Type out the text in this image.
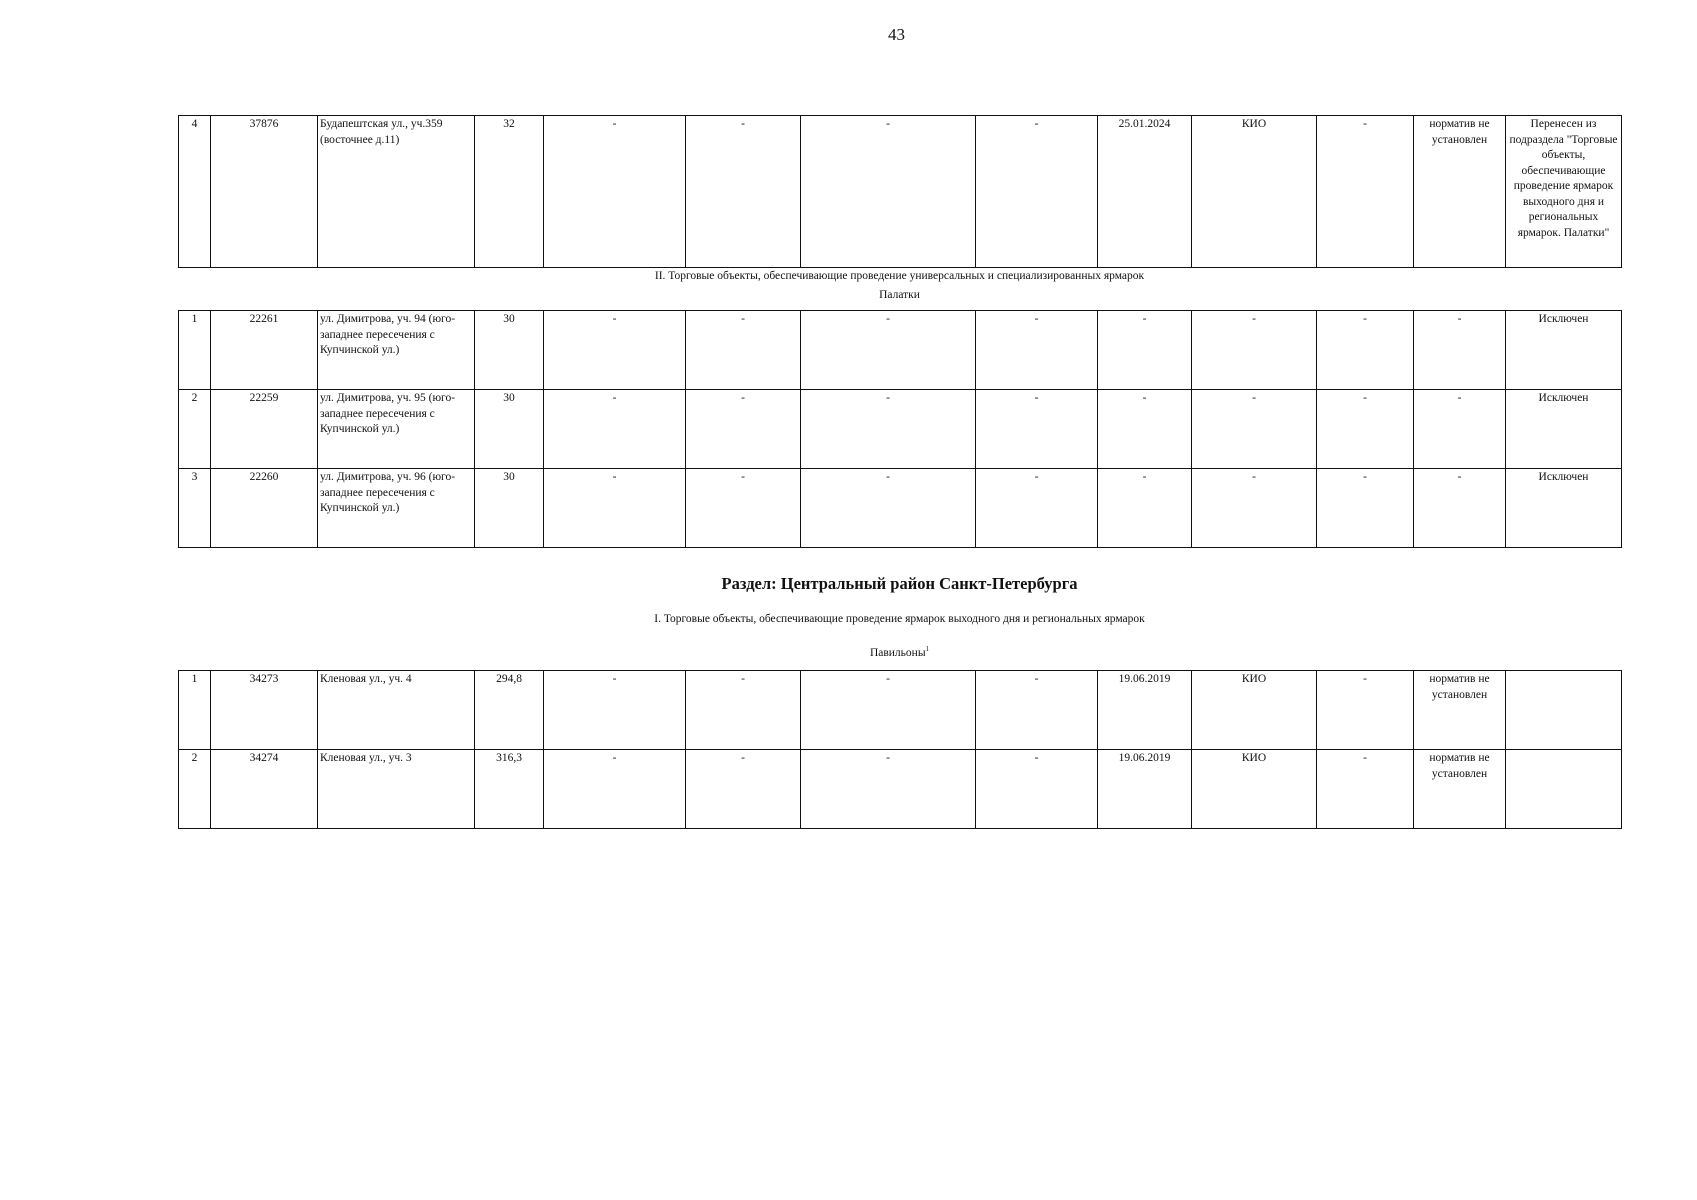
43
4	37876	Будапештская ул., уч.359 (восточнее д.11)	32	-	-	-	-	25.01.2024	КИО	-	норматив не установлен	Перенесен из подраздела "Торговые объекты, обеспечивающие проведение ярмарок выходного дня и региональных ярмарок. Палатки"
II. Торговые объекты, обеспечивающие проведение универсальных и специализированных ярмарок
Палатки
1	22261	ул. Димитрова, уч. 94 (юго-западнее пересечения с Купчинской ул.)	30	-	-	-	-	-	-	-	-	Исключен
2	22259	ул. Димитрова, уч. 95 (юго-западнее пересечения с Купчинской ул.)	30	-	-	-	-	-	-	-	-	Исключен
3	22260	ул. Димитрова, уч. 96 (юго-западнее пересечения с Купчинской ул.)	30	-	-	-	-	-	-	-	-	Исключен
Раздел: Центральный район Санкт-Петербурга
I. Торговые объекты, обеспечивающие проведение ярмарок выходного дня и региональных ярмарок
Павильоны$^1$
1	34273	Кленовая ул., уч. 4	294,8	-	-	-	-	19.06.2019	КИО	-	норматив не установлен	
2	34274	Кленовая ул., уч. 3	316,3	-	-	-	-	19.06.2019	КИО	-	норматив не установлен	
